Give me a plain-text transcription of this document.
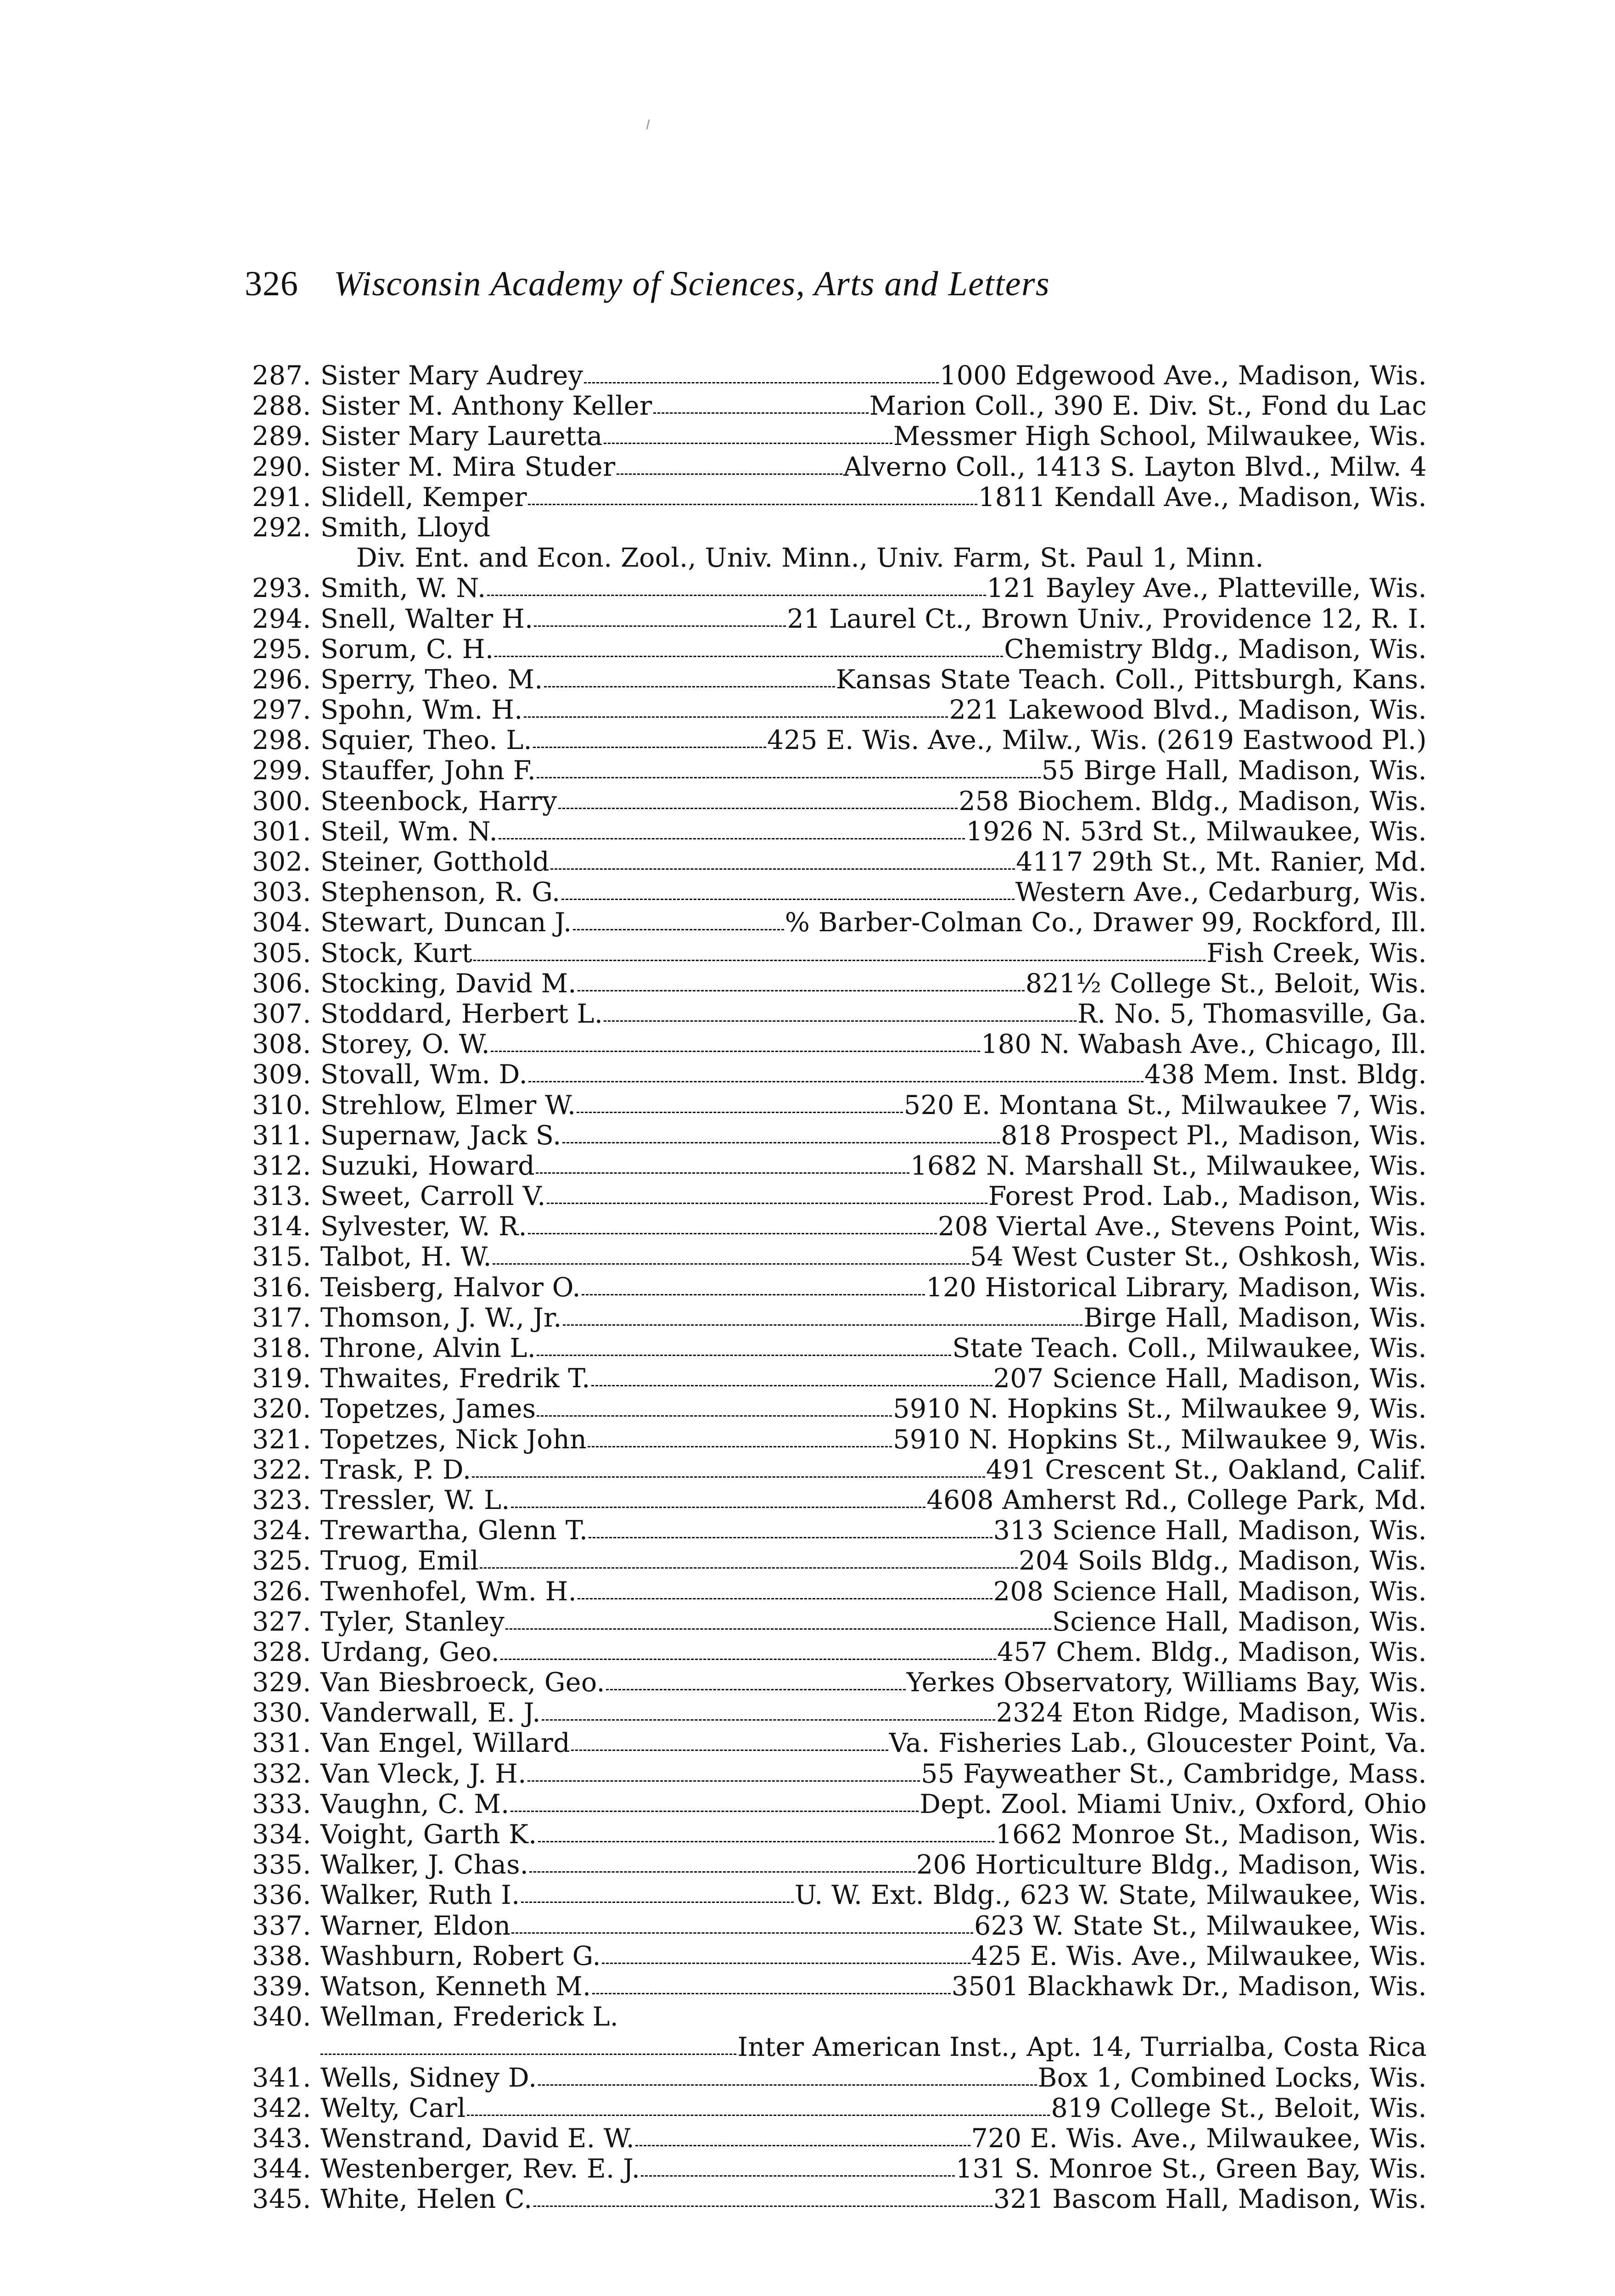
326 Wisconsin Academy of Sciences, Arts and Letters
287. Sister Mary Audrey	1000 Edgewood Ave., Madison, Wis.
288. Sister M. Anthony Keller	Marion Coll., 390 E. Div. St., Fond du Lac
289. Sister Mary Lauretta	Messmer High School, Milwaukee, Wis.
290. Sister M. Mira Studer	Alverno Coll., 1413 S. Layton Blvd., Milw. 4
291. Slidell, Kemper	1811 Kendall Ave., Madison, Wis.
292. Smith, Lloyd
Div. Ent. and Econ. Zool., Univ. Minn., Univ. Farm, St. Paul 1, Minn.
293. Smith, W. N.	121 Bayley Ave., Platteville, Wis.
294. Snell, Walter H.	21 Laurel Ct., Brown Univ., Providence 12, R. I.
295. Sorum, C. H.	Chemistry Bldg., Madison, Wis.
296. Sperry, Theo. M.	Kansas State Teach. Coll., Pittsburgh, Kans.
297. Spohn, Wm. H.	221 Lakewood Blvd., Madison, Wis.
298. Squier, Theo. L.	425 E. Wis. Ave., Milw., Wis. (2619 Eastwood Pl.)
299. Stauffer, John F.	55 Birge Hall, Madison, Wis.
300. Steenbock, Harry	258 Biochem. Bldg., Madison, Wis.
301. Steil, Wm. N.	1926 N. 53rd St., Milwaukee, Wis.
302. Steiner, Gotthold	4117 29th St., Mt. Ranier, Md.
303. Stephenson, R. G.	Western Ave., Cedarburg, Wis.
304. Stewart, Duncan J.	% Barber-Colman Co., Drawer 99, Rockford, Ill.
305. Stock, Kurt	Fish Creek, Wis.
306. Stocking, David M.	821½ College St., Beloit, Wis.
307. Stoddard, Herbert L.	R. No. 5, Thomasville, Ga.
308. Storey, O. W.	180 N. Wabash Ave., Chicago, Ill.
309. Stovall, Wm. D.	438 Mem. Inst. Bldg.
310. Strehlow, Elmer W.	520 E. Montana St., Milwaukee 7, Wis.
311. Supernaw, Jack S.	818 Prospect Pl., Madison, Wis.
312. Suzuki, Howard	1682 N. Marshall St., Milwaukee, Wis.
313. Sweet, Carroll V.	Forest Prod. Lab., Madison, Wis.
314. Sylvester, W. R.	208 Viertal Ave., Stevens Point, Wis.
315. Talbot, H. W.	54 West Custer St., Oshkosh, Wis.
316. Teisberg, Halvor O.	120 Historical Library, Madison, Wis.
317. Thomson, J. W., Jr.	Birge Hall, Madison, Wis.
318. Throne, Alvin L.	State Teach. Coll., Milwaukee, Wis.
319. Thwaites, Fredrik T.	207 Science Hall, Madison, Wis.
320. Topetzes, James	5910 N. Hopkins St., Milwaukee 9, Wis.
321. Topetzes, Nick John	5910 N. Hopkins St., Milwaukee 9, Wis.
322. Trask, P. D.	491 Crescent St., Oakland, Calif.
323. Tressler, W. L.	4608 Amherst Rd., College Park, Md.
324. Trewartha, Glenn T.	313 Science Hall, Madison, Wis.
325. Truog, Emil	204 Soils Bldg., Madison, Wis.
326. Twenhofel, Wm. H.	208 Science Hall, Madison, Wis.
327. Tyler, Stanley	Science Hall, Madison, Wis.
328. Urdang, Geo.	457 Chem. Bldg., Madison, Wis.
329. Van Biesbroeck, Geo.	Yerkes Observatory, Williams Bay, Wis.
330. Vanderwall, E. J.	2324 Eton Ridge, Madison, Wis.
331. Van Engel, Willard	Va. Fisheries Lab., Gloucester Point, Va.
332. Van Vleck, J. H.	55 Fayweather St., Cambridge, Mass.
333. Vaughn, C. M.	Dept. Zool. Miami Univ., Oxford, Ohio
334. Voight, Garth K.	1662 Monroe St., Madison, Wis.
335. Walker, J. Chas.	206 Horticulture Bldg., Madison, Wis.
336. Walker, Ruth I.	U. W. Ext. Bldg., 623 W. State, Milwaukee, Wis.
337. Warner, Eldon	623 W. State St., Milwaukee, Wis.
338. Washburn, Robert G.	425 E. Wis. Ave., Milwaukee, Wis.
339. Watson, Kenneth M.	3501 Blackhawk Dr., Madison, Wis.
340. Wellman, Frederick L.
Inter American Inst., Apt. 14, Turrialba, Costa Rica
341. Wells, Sidney D.	Box 1, Combined Locks, Wis.
342. Welty, Carl	819 College St., Beloit, Wis.
343. Wenstrand, David E. W.	720 E. Wis. Ave., Milwaukee, Wis.
344. Westenberger, Rev. E. J.	131 S. Monroe St., Green Bay, Wis.
345. White, Helen C.	321 Bascom Hall, Madison, Wis.
